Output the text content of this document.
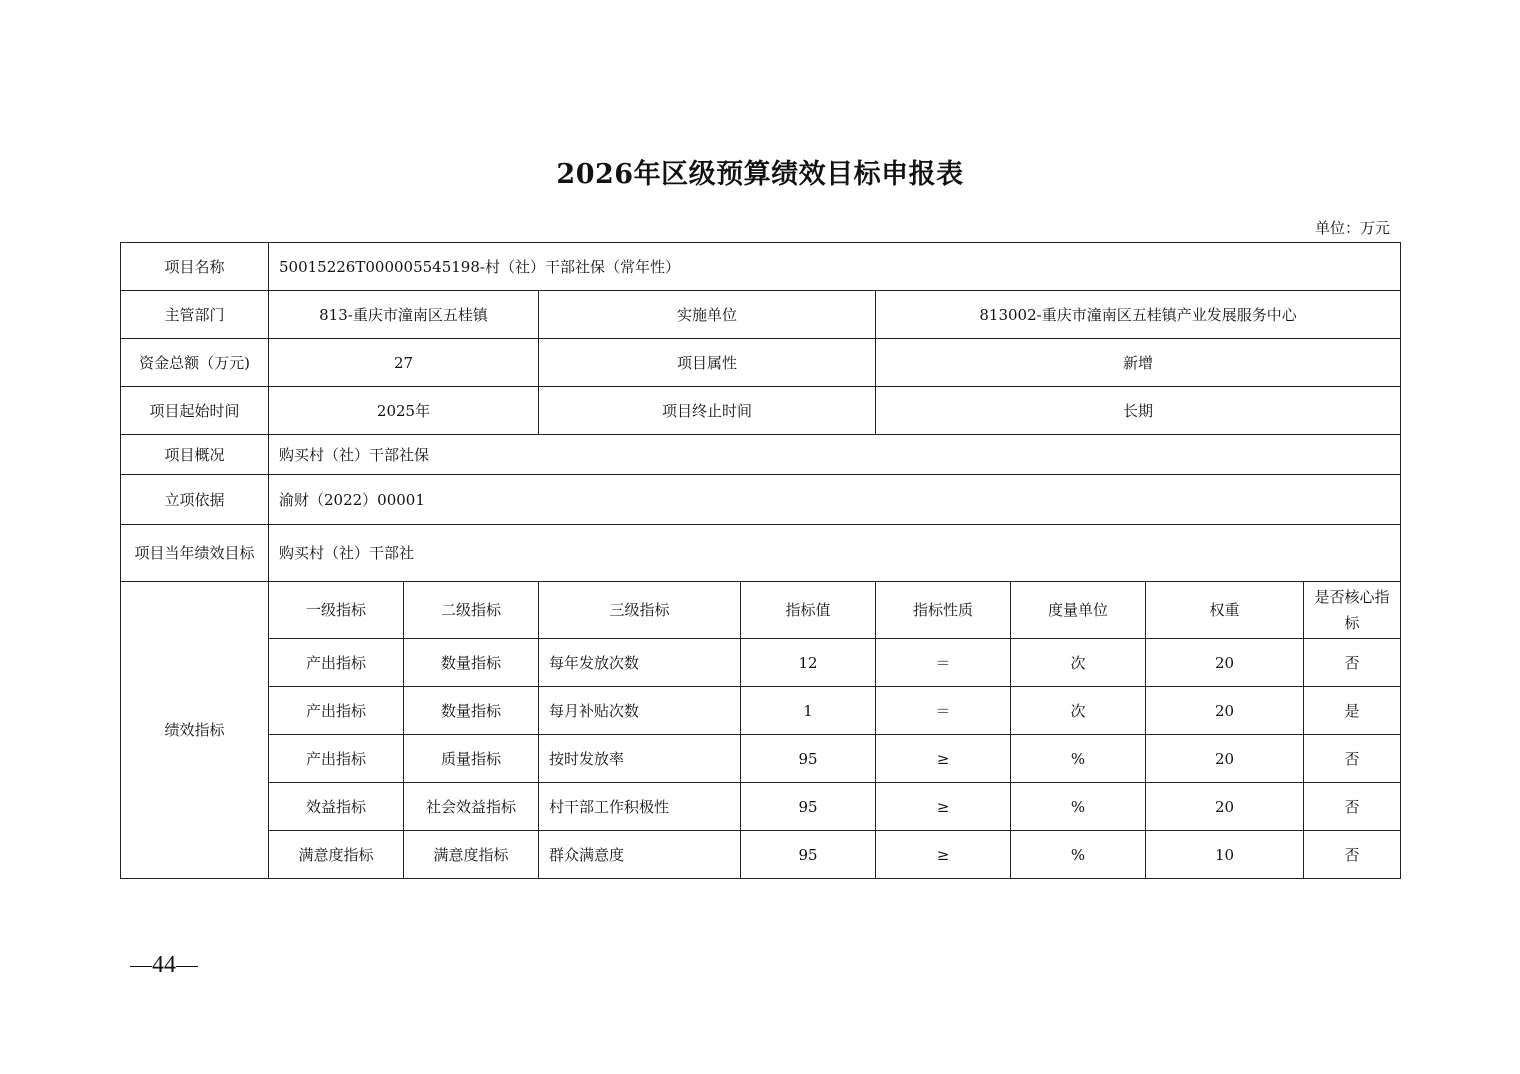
2026年区级预算绩效目标申报表
单位：万元
项目名称	50015226T000005545198-村（社）干部社保（常年性）							
主管部门	813-重庆市潼南区五桂镇		实施单位		813002-重庆市潼南区五桂镇产业发展服务中心			
资金总额（万元)	27		项目属性		新增			
项目起始时间	2025年		项目终止时间		长期			
项目概况	购买村（社）干部社保							
立项依据	渝财（2022）00001							
项目当年绩效目标	购买村（社）干部社							
绩效指标	一级指标	二级指标	三级指标	指标值	指标性质	度量单位	权重	是否核心指标
	产出指标	数量指标	每年发放次数	12	＝	次	20	否
	产出指标	数量指标	每月补贴次数	1	＝	次	20	是
	产出指标	质量指标	按时发放率	95	≥	%	20	否
	效益指标	社会效益指标	村干部工作积极性	95	≥	%	20	否
	满意度指标	满意度指标	群众满意度	95	≥	%	10	否
44
